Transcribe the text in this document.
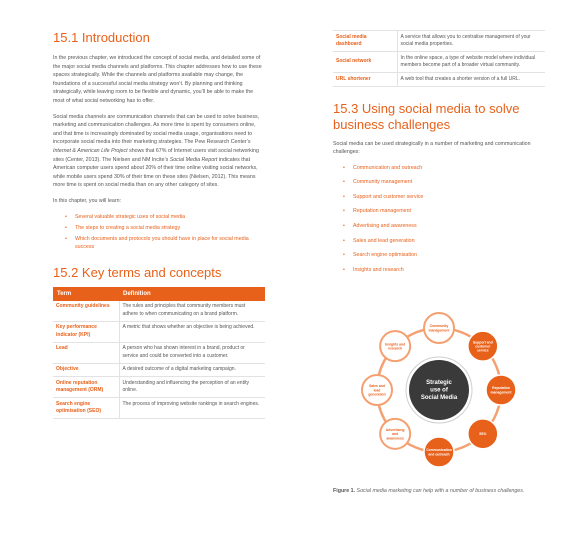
15.1 Introduction

In the previous chapter, we introduced the concept of social media, and detailed some of the major social media channels and platforms. This chapter addresses how to use these spaces strategically. While the channels and platforms available may change, the foundations of a successful social media strategy won’t. By planning and thinking strategically, while leaving room to be flexible and dynamic, you’ll be able to make the most of what social networking has to offer.

Social media channels are communication channels that can be used to solve business, marketing and communication challenges. As more time is spent by consumers online, and that time is increasingly dominated by social media usage, organisations need to incorporate social media into their marketing strategies. The Pew Research Center’s Internet & American Life Project shows that 67% of Internet users visit social networking sites (Center, 2013). The Nielsen and NM Incite’s Social Media Report indicates that American computer users spend about 20% of their time online visiting social networks, while mobile users spend 30% of their time on these sites (Nielsen, 2012). This means more time is spent on social media than on any other category of sites.

In this chapter, you will learn:

• Several valuable strategic uses of social media
• The steps to creating a social media strategy
• Which documents and protocols you should have in place for social media success
15.2 Key terms and concepts
Term	Definition
Community guidelines	The rules and principles that community members must adhere to when communicating on a brand platform.
Key performance indicator (KPI)	A metric that shows whether an objective is being achieved.
Lead	A person who has shown interest in a brand, product or service and could be converted into a customer.
Objective	A desired outcome of a digital marketing campaign.
Online reputation management (ORM)	Understanding and influencing the perception of an entity online.
Search engine optimisation (SEO)	The process of improving website rankings in search engines.
Social media dashboard	A service that allows you to centralise management of your social media properties.
Social network	In the online space, a type of website model where individual members become part of a broader virtual community.
URL shortener	A web tool that creates a shorter version of a full URL.
15.3 Using social media to solve business challenges

Social media can be used strategically in a number of marketing and communication challenges:

• Communication and outreach
• Community management
• Support and customer service
• Reputation management
• Advertising and awareness
• Sales and lead generation
• Search engine optimisation
• Insights and research
Strategic
use of
Social Media
Community
management
Support and
customer
service
Reputation
management
SEO
Communication
and outreach
Advertising
and
awareness
Sales and
lead
generation
Insights and
research
Figure 1. Social media marketing can help with a number of business challenges.
